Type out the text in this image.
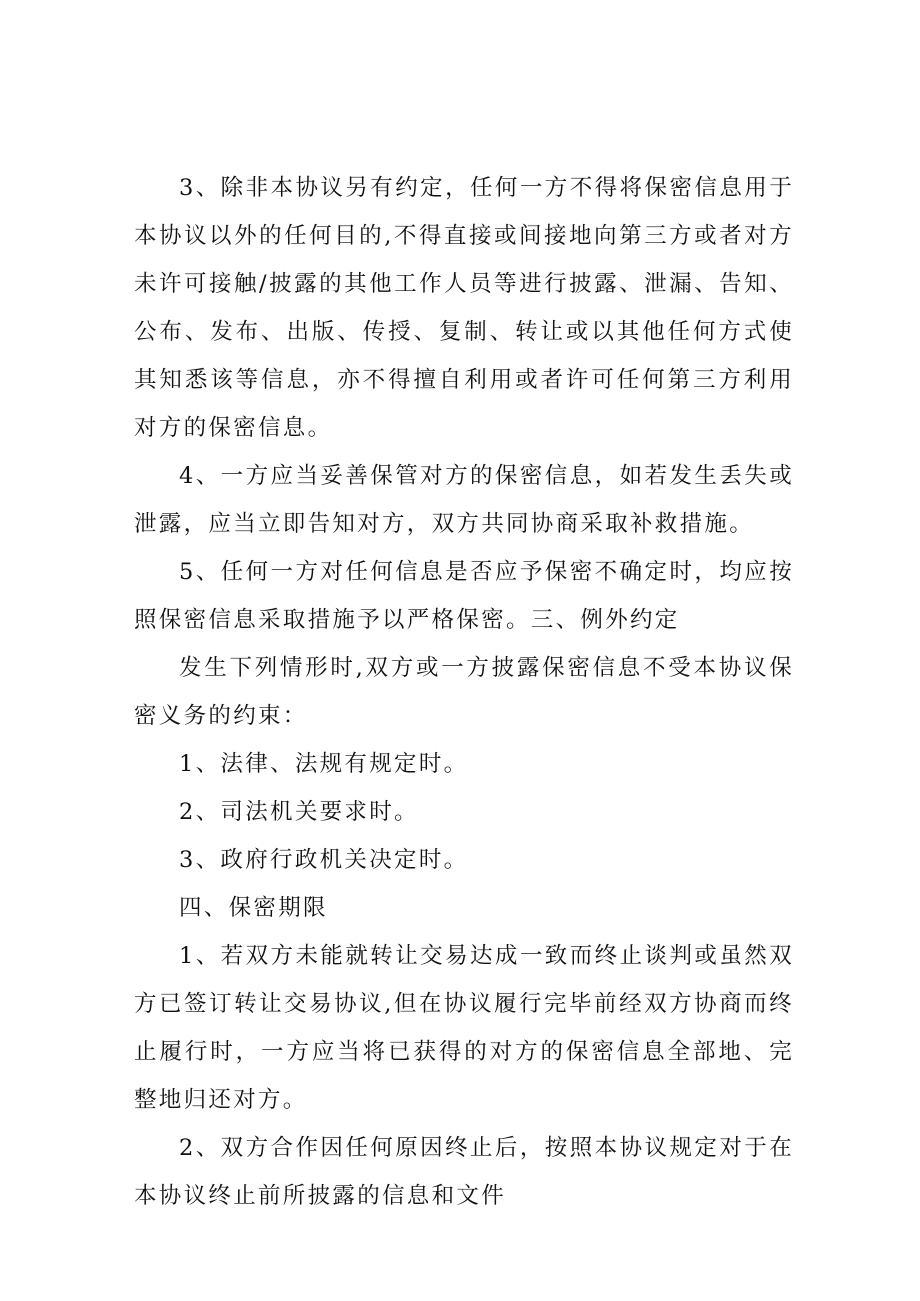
3、除非本协议另有约定，任何一方不得将保密信息用于本协议以外的任何目的,不得直接或间接地向第三方或者对方未许可接触/披露的其他工作人员等进行披露、泄漏、告知、公布、发布、出版、传授、复制、转让或以其他任何方式使其知悉该等信息，亦不得擅自利用或者许可任何第三方利用对方的保密信息。

4、一方应当妥善保管对方的保密信息，如若发生丢失或泄露，应当立即告知对方，双方共同协商采取补救措施。

5、任何一方对任何信息是否应予保密不确定时，均应按照保密信息采取措施予以严格保密。三、例外约定

发生下列情形时,双方或一方披露保密信息不受本协议保密义务的约束：

1、法律、法规有规定时。

2、司法机关要求时。

3、政府行政机关决定时。

四、保密期限

1、若双方未能就转让交易达成一致而终止谈判或虽然双方已签订转让交易协议,但在协议履行完毕前经双方协商而终止履行时，一方应当将已获得的对方的保密信息全部地、完整地归还对方。

2、双方合作因任何原因终止后，按照本协议规定对于在本协议终止前所披露的信息和文件
